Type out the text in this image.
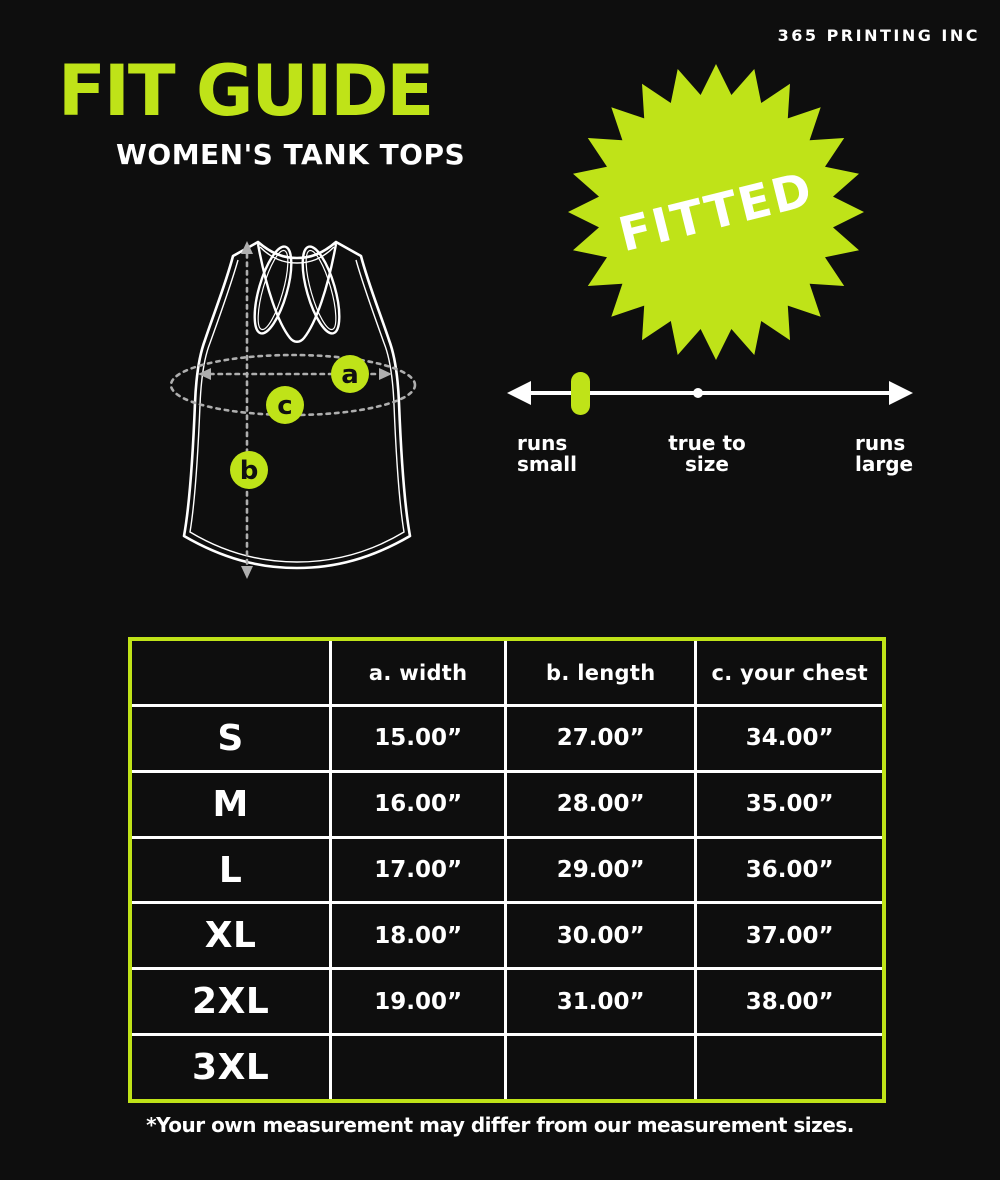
365 PRINTING INC
FIT GUIDE
WOMEN'S TANK TOPS
a
c
b
FITTED
runs
small
true to
size
runs
large
	a. width	b. length	c. your chest
S	15.00”	27.00”	34.00”
M	16.00”	28.00”	35.00”
L	17.00”	29.00”	36.00”
XL	18.00”	30.00”	37.00”
2XL	19.00”	31.00”	38.00”
3XL			
*Your own measurement may differ from our measurement sizes.
